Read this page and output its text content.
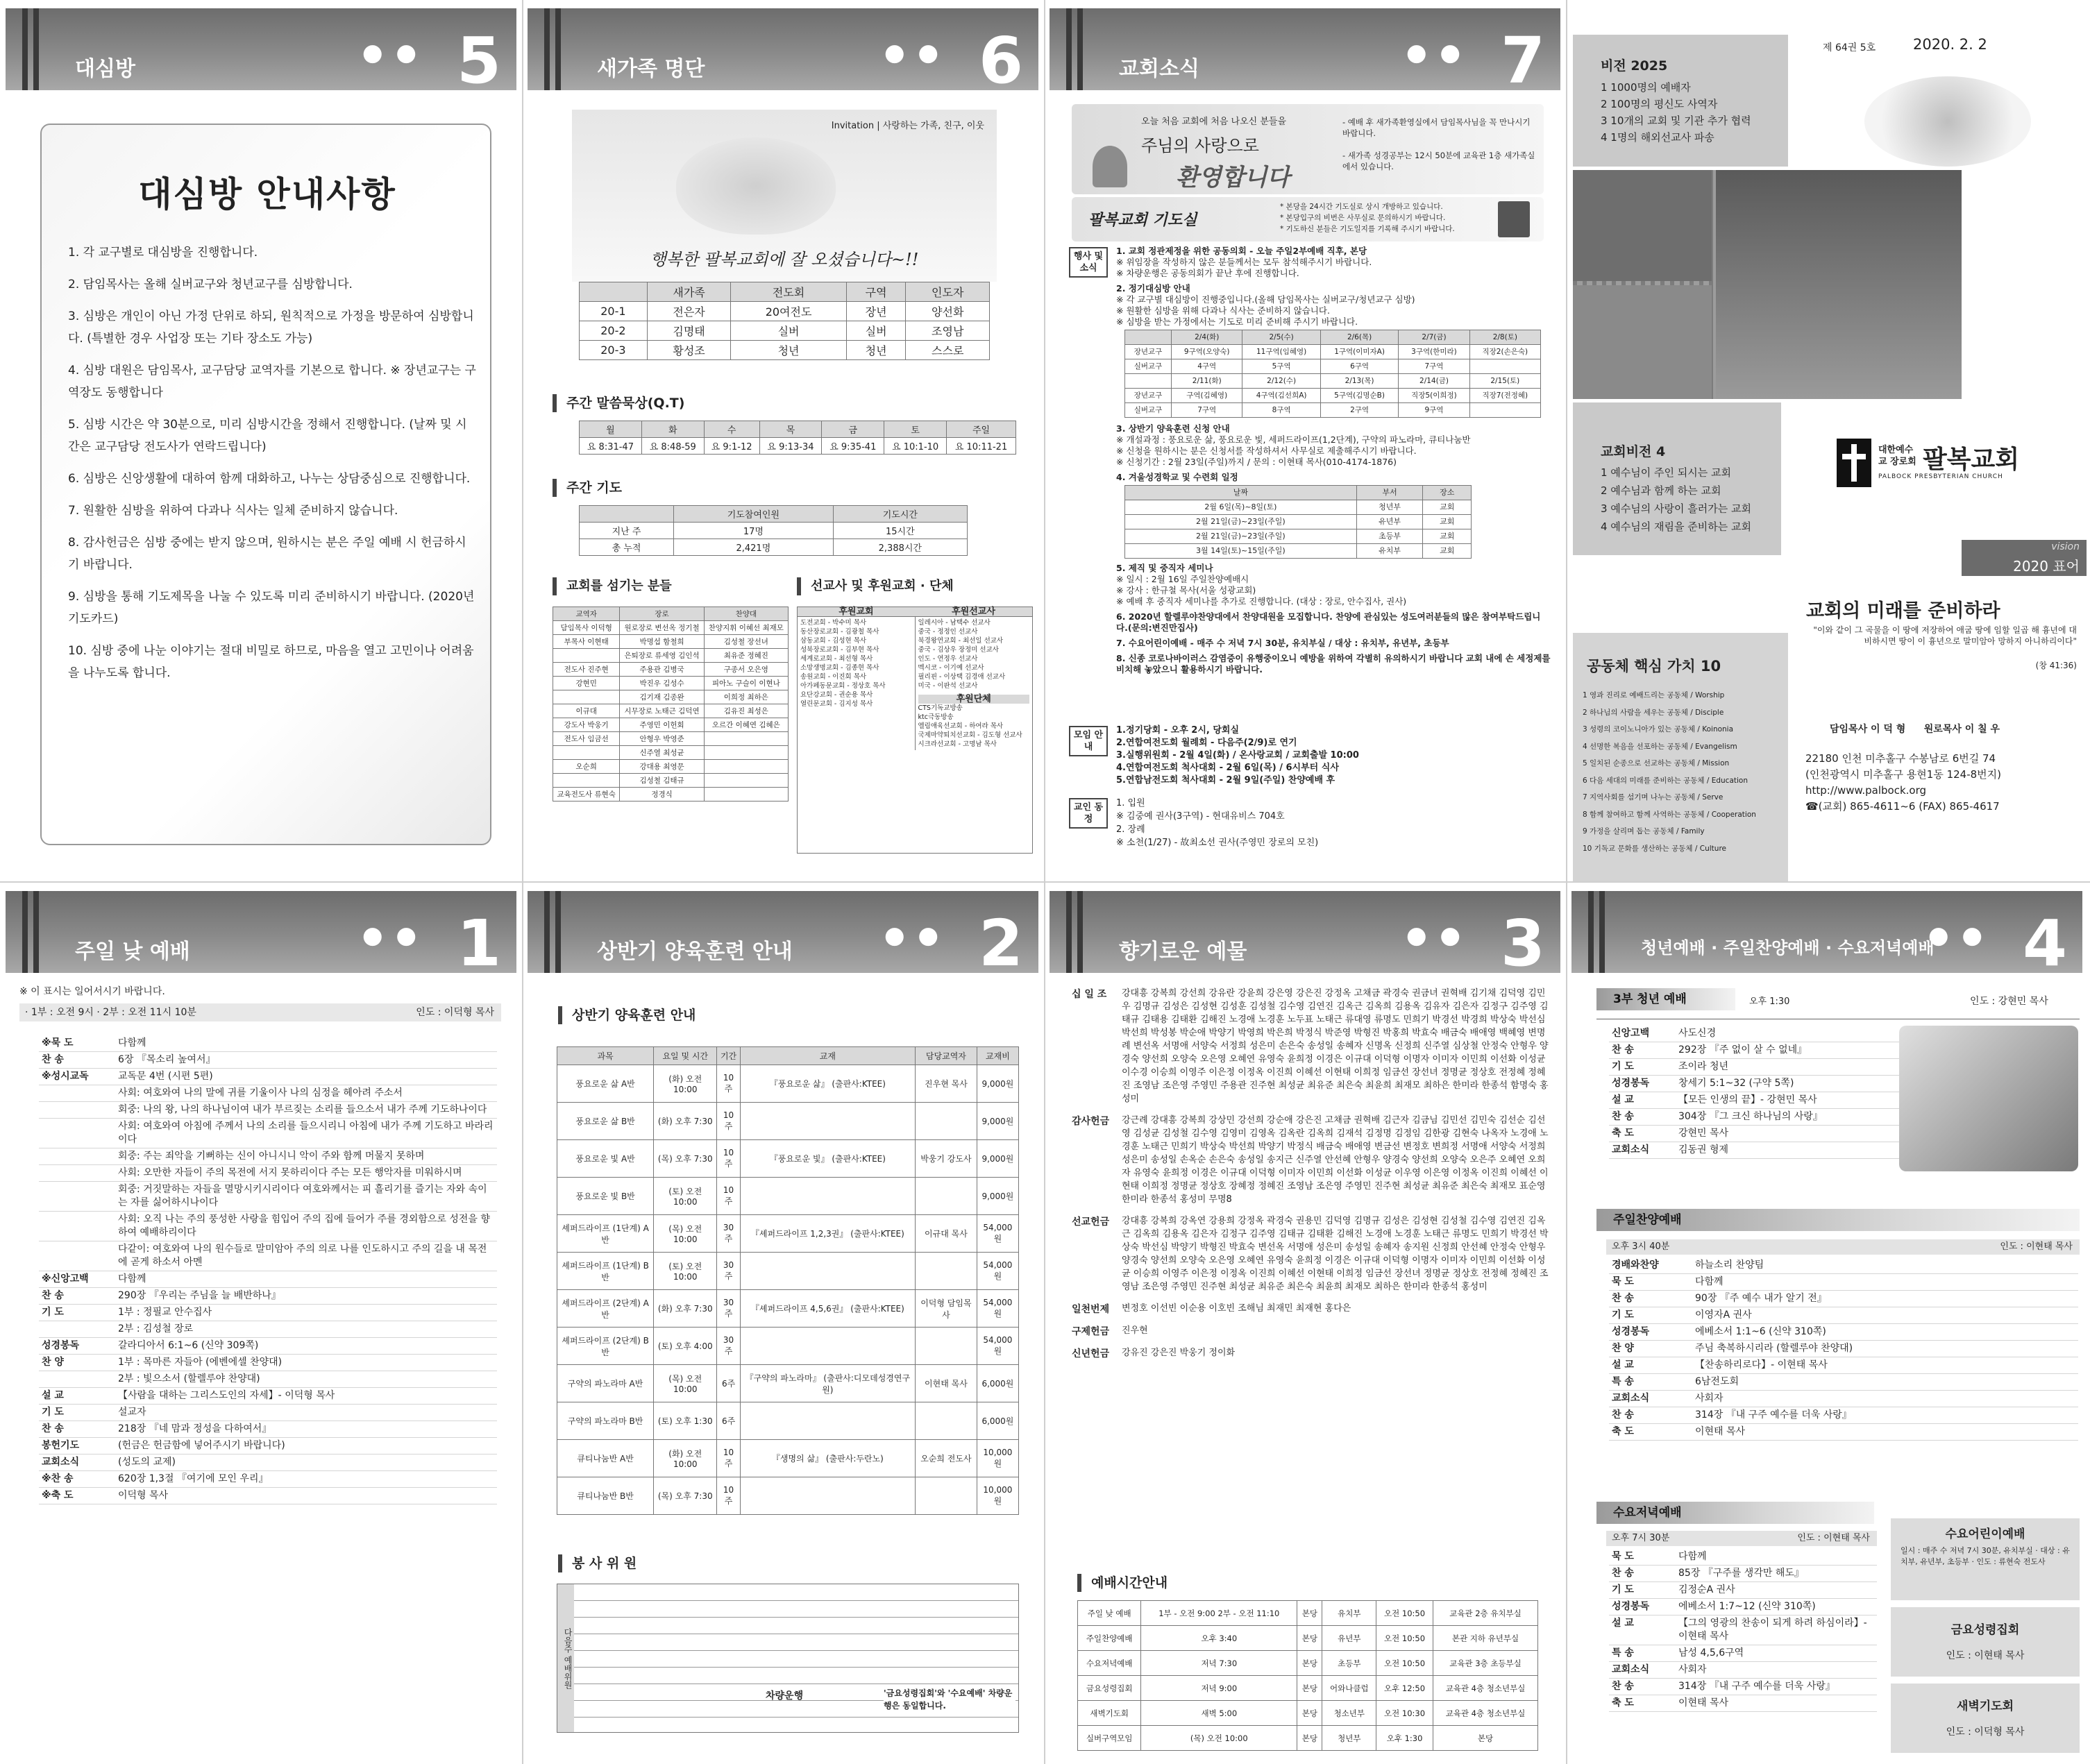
대심방
● ● 5
대심방 안내사항
1. 각 교구별로 대심방을 진행합니다.
2. 담임목사는 올해 실버교구와 청년교구를 심방합니다.
3. 심방은 개인이 아닌 가정 단위로 하되, 원칙적으로 가정을 방문하여 심방합니다. (특별한 경우 사업장 또는 기타 장소도 가능)
4. 심방 대원은 담임목사, 교구담당 교역자를 기본으로 합니다. ※ 장년교구는 구역장도 동행합니다
5. 심방 시간은 약 30분으로, 미리 심방시간을 정해서 진행합니다. (날짜 및 시간은 교구담당 전도사가 연락드립니다)
6. 심방은 신앙생활에 대하여 함께 대화하고, 나누는 상담중심으로 진행합니다.
7. 원활한 심방을 위하여 다과나 식사는 일체 준비하지 않습니다.
8. 감사헌금은 심방 중에는 받지 않으며, 원하시는 분은 주일 예배 시 헌금하시기 바랍니다.
9. 심방을 통해 기도제목을 나눌 수 있도록 미리 준비하시기 바랍니다. (2020년 기도카드)
10. 심방 중에 나눈 이야기는 절대 비밀로 하므로, 마음을 열고 고민이나 어려움을 나누도록 합니다.
새가족 명단
● ● 6
Invitation | 사랑하는 가족, 친구, 이웃
행복한 팔복교회에 잘 오셨습니다~!!
	새가족	전도회	구역	인도자
20-1	전은자	20여전도	장년	양선화
20-2	김명태	실버	실버	조영남
20-3	황성조	청년	청년	스스로
주간 말씀묵상(Q.T)
월	화	수	목	금	토	주일
요 8:31-47	요 8:48-59	요 9:1-12	요 9:13-34	요 9:35-41	요 10:1-10	요 10:11-21
주간 기도
	기도참여인원	기도시간
지난 주	17명	15시간
총 누적	2,421명	2,388시간
교회를 섬기는 분들	선교사 및 후원교회 · 단체
교역자	장로	찬양대
담임목사 이덕형	원로장로 변선옥 정기철	찬양지휘 이혜선 최재모
부목사 이현태	박명섭 함철희	김성철 장선녀
	은퇴장로 류세영 김인석	최유준 정혜진
전도사 진주현	주용관 김병국	구종서 오은영
강현민	박진우 김성수	피아노 구슬이 이현나
	김기재 김종완	이희정 최하은
이규대	시무장로 노태근 김덕연	김유진 최성은
강도사 박웅기	주영민 이헌회	오르간 이혜연 김혜은
전도사 임금선	안형우 박영준	
	신주열 최성균	
오순희	강대용 최영문	
	김성철 김태규	
교육전도사 류현숙	정경식	
후원교회	후원선교사
도전교회 - 박수미 목사
동산장로교회 - 김광철 목사
삼동교회 - 김성현 목사
성북장로교회 - 김부현 목사
세계로교회 - 최선형 목사
소망생명교회 - 김종현 목사
송원교회 - 이진회 목사
아가페동문교회 - 정상호 목사
요단강교회 - 권순용 목사
열린문교회 - 김지성 목사
일레시아 - 남택수 선교사
중국 - 정정인 선교사
북경왕연교회 - 최선일 선교사
중국 - 김상우 장정미 선교사
인도 - 연정우 선교사
멕시코 - 이기예 선교사
필리핀 - 이상택 김경애 선교사
미국 - 이판석 선교사
후원단체
CTS기독교방송
ktc극동방송
엘림애육선교회 - 하여라 목사
국제마약퇴치선교회 - 김도형 선교사
시크라선교회 - 고명남 목사
교회소식
● ● 7
오늘 처음 교회에 처음 나오신 분들을
주님의 사랑으로
환영합니다
- 예배 후 새가족환영실에서 담임목사님을 꼭 만나시기 바랍니다.
- 새가족 성경공부는 12시 50분에 교육관 1층 새가족실에서 있습니다.
팔복교회 기도실
* 본당을 24시간 기도실로 상시 개방하고 있습니다.
* 본당입구의 비번은 사무실로 문의하시기 바랍니다.
* 기도하신 분들은 기도일지를 기록해 주시기 바랍니다.
행사 및 소식
1. 교회 정관제정을 위한 공동의회 - 오늘 주일2부예배 직후, 본당
※ 위임장을 작성하지 않은 분들께서는 모두 참석해주시기 바랍니다.
※ 차량운행은 공동의회가 끝난 후에 진행합니다.
2. 정기대심방 안내
※ 각 교구별 대심방이 진행중입니다.(올해 담임목사는 실버교구/청년교구 심방)
※ 원활한 심방을 위해 다과나 식사는 준비하지 않습니다.
※ 심방을 받는 가정에서는 기도로 미리 준비해 주시기 바랍니다.
	2/4(화)	2/5(수)	2/6(목)	2/7(금)	2/8(토)
장년교구	9구역(오양숙)	11구역(임혜영)	1구역(이미자A)	3구역(한미라)	직장2(손은숙)
실버교구	4구역	5구역	6구역	7구역	
	2/11(화)	2/12(수)	2/13(목)	2/14(금)	2/15(토)
장년교구	구역(김혜영)	4구역(김선희A)	5구역(김명순B)	직장5(이희정)	직장7(전정혜)
실버교구	7구역	8구역	2구역	9구역	
3. 상반기 양육훈련 신청 안내
※ 개설과정 : 풍요로운 삶, 풍요로운 빛, 세퍼드라이프(1,2단계), 구약의 파노라마, 큐티나눔반
※ 신청을 원하시는 분은 신청서를 작성하셔서 사무실로 제출해주시기 바랍니다.
※ 신청기간 : 2월 23일(주일)까지 / 문의 : 이현태 목사(010-4174-1876)
4. 겨울성경학교 및 수련회 일정
날짜	부서	장소
2월 6일(목)~8일(토)	청년부	교회
2월 21일(금)~23일(주일)	유년부	교회
2월 21일(금)~23일(주일)	초등부	교회
3월 14일(토)~15일(주일)	유치부	교회
5. 제직 및 중직자 세미나
※ 일시 : 2월 16일 주일찬양예배시
※ 강사 : 한규철 목사(서울 성광교회)
※ 예배 후 중직자 세미나를 추가로 진행합니다. (대상 : 장로, 안수집사, 권사)
6. 2020년 할렐루야찬양대에서 찬양대원을 모집합니다. 찬양에 관심있는 성도여러분들의 많은 참여부탁드립니다.(문의:변진만집사)
7. 수요어린이예배 - 매주 수 저녁 7시 30분, 유치부실 / 대상 : 유치부, 유년부, 초등부
8. 신종 코로나바이러스 감염증이 유행중이오니 예방을 위하여 각별히 유의하시기 바랍니다 교회 내에 손 세정제를 비치해 놓았으니 활용하시기 바랍니다.
모임 안내
1.정기당회 - 오후 2시, 당회실
2.연합여전도회 월례회 - 다음주(2/9)로 연기
3.실행위원회 - 2월 4일(화) / 온사랑교회 / 교회출발 10:00
4.연합여전도회 척사대회 - 2월 6일(목) / 6시부터 식사
5.연합남전도회 척사대회 - 2월 9일(주일) 찬양예배 후
교인 동정
1. 입원
※ 김중예 권사(3구역) - 현대유비스 704호
2. 장례
※ 소천(1/27) - 故최소선 권사(주영민 장로의 모친)
비전 2025
1 1000명의 예배자
2 100명의 평신도 사역자
3 10개의 교회 및 기관 추가 협력
4 1명의 해외선교사 파송
제 64권 5호	2020. 2. 2
교회비전 4
1 예수님이 주인 되시는 교회
2 예수님과 함께 하는 교회
3 예수님의 사랑이 흘러가는 교회
4 예수님의 재림을 준비하는 교회
대한예수교 장로회 팔복교회
PALBOCK PRESBYTERIAN CHURCH
vision
2020 표어
교회의 미래를 준비하라
"이와 같이 그 곡물을 이 땅에 저장하여 애굽 땅에 임할 일곱 해 흉년에 대비하시면 땅이 이 흉년으로 말미암아 망하지 아니하리이다"
(창 41:36)
공동체 핵심 가치 10
1 영과 진리로 예배드리는 공동체 / Worship
2 하나님의 사람을 세우는 공동체 / Disciple
3 성령의 코이노니아가 있는 공동체 / Koinonia
4 선명한 복음을 선포하는 공동체 / Evangelism
5 일치된 순종으로 선교하는 공동체 / Mission
6 다음 세대의 미래를 준비하는 공동체 / Education
7 지역사회를 섬기며 나누는 공동체 / Serve
8 함께 참여하고 함께 사역하는 공동체 / Cooperation
9 가정을 살리며 돕는 공동체 / Family
10 기독교 문화를 생산하는 공동체 / Culture
담임목사 이 덕 형 원로목사 이 칠 우
22180 인천 미추홀구 수봉남로 6번길 74
(인천광역시 미추홀구 용현1동 124-8번지)
http://www.palbock.org
☎(교회) 865-4611~6 (FAX) 865-4617
주일 낮 예배
● ● 1
※ 이 표시는 일어서시기 바랍니다.
· 1부 : 오전 9시 · 2부 : 오전 11시 10분	인도 : 이덕형 목사
※묵 도	다함께
찬 송	6장 『목소리 높여서』
※성시교독	교독문 4번 (시편 5편)
	사회: 여호와여 나의 말에 귀를 기울이사 나의 심정을 헤아려 주소서
	회중: 나의 왕, 나의 하나님이여 내가 부르짖는 소리를 들으소서 내가 주께 기도하나이다
	사회: 여호와여 아침에 주께서 나의 소리를 들으시리니 아침에 내가 주께 기도하고 바라리이다
	회중: 주는 죄악을 기뻐하는 신이 아니시니 악이 주와 함께 머물지 못하며
	사회: 오만한 자들이 주의 목전에 서지 못하리이다 주는 모든 행악자를 미워하시며
	회중: 거짓말하는 자들을 멸망시키시리이다 여호와께서는 피 흘리기를 즐기는 자와 속이는 자를 싫어하시나이다
	사회: 오직 나는 주의 풍성한 사랑을 힘입어 주의 집에 들어가 주를 경외함으로 성전을 향하여 예배하리이다
	다같이: 여호와여 나의 원수들로 말미암아 주의 의로 나를 인도하시고 주의 길을 내 목전에 곧게 하소서 아멘
※신앙고백	다함께
찬 송	290장 『우리는 주님을 늘 배반하나』
기 도	1부 : 정필교 안수집사
	2부 : 김성철 장로
성경봉독	갈라디아서 6:1~6 (신약 309쪽)
찬 양	1부 : 목마른 자들아 (에벤에셀 찬양대)
	2부 : 빛으소서 (할렐루야 찬양대)
설 교	【사람을 대하는 그리스도인의 자세】- 이덕형 목사
기 도	설교자
찬 송	218장 『네 맘과 정성을 다하여서』
봉헌기도	(헌금은 헌금함에 넣어주시기 바랍니다)
교회소식	(성도의 교제)
※찬 송	620장 1,3절 『여기에 모인 우리』
※축 도	이덕형 목사
상반기 양육훈련 안내
● ● 2
상반기 양육훈련 안내
과목	요일 및 시간	기간	교재	담당교역자	교재비
풍요로운 삶 A반	(화) 오전 10:00	10주	『풍요로운 삶』 (출판사:KTEE)	진우현 목사	9,000원
풍요로운 삶 B반	(화) 오후 7:30	10주			9,000원
풍요로운 빛 A반	(목) 오후 7:30	10주	『풍요로운 빛』 (출판사:KTEE)	박웅기 강도사	9,000원
풍요로운 빛 B반	(토) 오전 10:00	10주			9,000원
셰퍼드라이프 (1단계) A반	(목) 오전 10:00	30주	『셰퍼드라이프 1,2,3권』 (출판사:KTEE)	이규대 목사	54,000원
셰퍼드라이프 (1단계) B반	(토) 오전 10:00	30주			54,000원
셰퍼드라이프 (2단계) A반	(화) 오후 7:30	30주	『셰퍼드라이프 4,5,6권』 (출판사:KTEE)	이덕형 담임목사	54,000원
셰퍼드라이프 (2단계) B반	(토) 오후 4:00	30주			54,000원
구약의 파노라마 A반	(목) 오전 10:00	6주	『구약의 파노라마』 (출판사:디모데성경연구원)	이현태 목사	6,000원
구약의 파노라마 B반	(토) 오후 1:30	6주			6,000원
큐티나눔반 A반	(화) 오전 10:00	10주	『생명의 삶』 (출판사:두란노)	오순희 전도사	10,000원
큐티나눔반 B반	(목) 오후 7:30	10주			10,000원
봉 사 위 원
다음주 예배위원
차량운행	'금요성령집회'와 '수요예배' 차량운행은 동일합니다.
향기로운 예물
● ● 3
십 일 조	강대흥 강복희 강선희 강유란 강윤희 강은영 강은진 강정옥 고채금 곽경숙 권금녀 권혁배 김기채 김덕영 김민우 김명규 김성은 김성현 김성훈 김성철 김수영 김연진 김옥근 김옥희 김용옥 김유자 김은자 김정구 김주영 김태규 김태용 김태환 김해진 노경애 노경훈 노두표 노태근 류대영 류명도 민희기 박경선 박경희 박상숙 박선심 박선희 박성봉 박순애 박양기 박영희 박은희 박정식 박준영 박형진 박홍희 박효숙 배금숙 배애영 백혜영 변명례 변선옥 서명애 서양숙 서정희 성은미 손은숙 송성일 송혜자 신명옥 신정희 신주열 심상철 안정숙 안형우 양경숙 양선희 오양숙 오은영 오혜연 유영숙 윤희정 이경은 이규대 이덕형 이명자 이미자 이민희 이선화 이성균 이수경 이승희 이영주 이은정 이정옥 이진희 이혜선 이현태 이희정 임금선 장선녀 정명균 정상호 전정혜 정혜진 조영남 조은영 주영민 주용관 진주현 최성균 최유준 최은숙 최윤희 최재모 최하은 한미라 한종석 함명숙 홍성미
감사헌금	강근례 강대흥 강복희 강상민 강선희 강순애 강은진 고채금 권혁배 김근자 김금님 김민선 김민숙 김선순 김선영 김성균 김성철 김수영 김영미 김영옥 김옥란 김옥희 김재석 김정명 김정임 김한광 김현숙 나옥자 노경애 노경훈 노태근 민희기 박상숙 박선희 박양기 박정식 배금숙 배애영 변금선 변정호 변희정 서명애 서양숙 서정희 성은미 송성일 손옥순 손은숙 송성일 송지근 신주열 안선혜 안형우 양경숙 양선희 오양숙 오은주 오혜연 오희자 유영숙 윤희정 이경은 이규대 이덕형 이미자 이민희 이선화 이성균 이우영 이은영 이정옥 이진희 이혜선 이현태 이희정 정명균 정상호 장혜정 정혜진 조영남 조은영 주영민 진주현 최성균 최유준 최은숙 최재모 표순영 한미라 한종석 홍성미 무명8
선교헌금	강대흥 강복희 강옥연 강용희 강정옥 곽경숙 권용민 김덕영 김명규 김성은 김성현 김성철 김수영 김연진 김옥근 김옥희 김용옥 김은자 김정구 김주영 김태규 김태환 김해진 노경애 노경훈 노태근 류명도 민희기 박경선 박상숙 박선심 박양기 박형진 박효숙 변선옥 서명애 성은미 송성일 송혜자 송지원 신정희 안선혜 안정숙 안형우 양경숙 양선희 오양숙 오은영 오혜연 유영숙 윤희정 이경은 이규대 이덕형 이명자 이미자 이민희 이선화 이성균 이승희 이영주 이은정 이정옥 이진희 이혜선 이현태 이희정 임금선 장선녀 정명균 정상호 전정혜 정혜진 조영남 조은영 주영민 진주현 최성균 최유준 최은숙 최윤희 최재모 최하은 한미라 한종석 홍성미
일천번제	변정호 이선빈 이순용 이호빈 조해님 최재민 최재현 홍다은
구제헌금	진우현
신년헌금	강유진 강은진 박웅기 정이화
예배시간안내
주일 낮 예배	1부 - 오전 9:00 2부 - 오전 11:10	본당	유치부	오전 10:50	교육관 2층 유치부실
주일찬양예배	오후 3:40	본당	유년부	오전 10:50	본관 지하 유년부실
수요저녁예배	저녁 7:30	본당	초등부	오전 10:50	교육관 3층 초등부실
금요성령집회	저녁 9:00	본당	어와나클럽	오후 12:50	교육관 4층 청소년부실
새벽기도회	새벽 5:00	본당	청소년부	오전 10:30	교육관 4층 청소년부실
실버구역모임	(목) 오전 10:00	본당	청년부	오후 1:30	본당
청년예배 · 주일찬양예배 · 수요저녁예배
● ● 4
3부 청년 예배	오후 1:30	인도 : 강현민 목사
신앙고백	사도신경
찬 송	292장 『주 없이 살 수 없네』
기 도	조이라 청년
성경봉독	창세기 5:1~32 (구약 5쪽)
설 교	【모든 인생의 끝】- 강현민 목사
찬 송	304장 『그 크신 하나님의 사랑』
축 도	강현민 목사
교회소식	김동권 형제
주일찬양예배
오후 3시 40분	인도 : 이현태 목사
경배와찬양	하늘소리 찬양팀
묵 도	다함께
찬 송	90장 『주 예수 내가 알기 전』
기 도	이영자A 권사
성경봉독	에베소서 1:1~6 (신약 310쪽)
찬 양	주님 축복하시리라 (할렐루야 찬양대)
설 교	【찬송하리로다】- 이현태 목사
특 송	6남전도회
교회소식	사회자
찬 송	314장 『내 구주 예수를 더욱 사랑』
축 도	이현태 목사
수요저녁예배
오후 7시 30분	인도 : 이현태 목사
묵 도	다함께
찬 송	85장 『구주를 생각만 해도』
기 도	김정순A 권사
성경봉독	에베소서 1:7~12 (신약 310쪽)
설 교	【그의 영광의 찬송이 되게 하려 하심이라】- 이현태 목사
특 송	남성 4,5,6구역
교회소식	사회자
찬 송	314장 『내 구주 예수를 더욱 사랑』
축 도	이현태 목사
수요어린이예배
일시 : 매주 수 저녁 7시 30분, 유치부실 · 대상 : 유치부, 유년부, 초등부 · 인도 : 류현숙 전도사
금요성령집회
인도 : 이현태 목사
새벽기도회
인도 : 이덕형 목사
